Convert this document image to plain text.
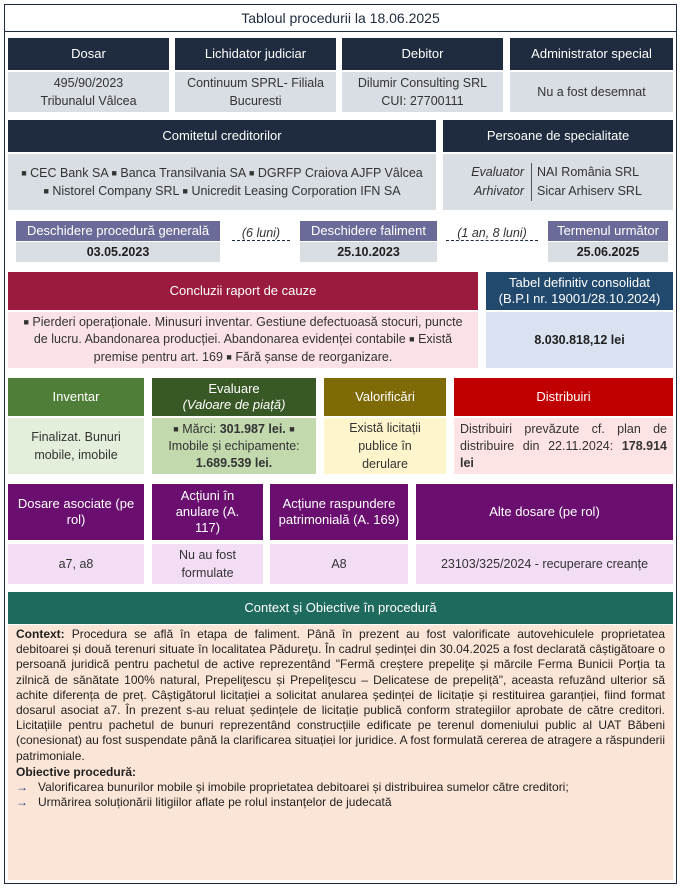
Tabloul procedurii la 18.06.2025
Dosar
495/90/2023
Tribunalul Vâlcea
Lichidator judiciar
Continuum SPRL- Filiala
Bucuresti
Debitor
Dilumir Consulting SRL
CUI: 27700111
Administrator special
Nu a fost desemnat
Comitetul creditorilor
■ CEC Bank SA ■ Banca Transilvania SA ■ DGRFP Craiova AJFP Vâlcea ■ Nistorel Company SRL ■ Unicredit Leasing Corporation IFN SA
Persoane de specialitate
Evaluator
Arhivator
NAI România SRL
Sicar Arhiserv SRL
Deschidere procedură generală
03.05.2023
(6 luni)	Deschidere faliment
25.10.2023
(1 an, 8 luni)	Termenul următor
25.06.2025
Concluzii raport de cauze
■ Pierderi operaționale. Minusuri inventar. Gestiune defectuoasă stocuri, puncte de lucru. Abandonarea producției. Abandonarea evidenței contabile ■ Există premise pentru art. 169 ■ Fără șanse de reorganizare.
Tabel definitiv consolidat
(B.P.I nr. 19001/28.10.2024)
8.030.818,12 lei
Inventar
Finalizat. Bunuri mobile, imobile
Evaluare
(Valoare de piață)
■ Mărci: 301.987 lei. ■
Imobile și echipamente:
1.689.539 lei.
Valorificări
Există licitații publice în derulare
Distribuiri
Distribuiri prevăzute cf. plan de distribuire din 22.11.2024: 178.914 lei
Dosare asociate (pe rol)
a7, a8
Acțiuni în anulare (A. 117)
Nu au fost formulate
Acțiune raspundere patrimonială (A. 169)
A8
Alte dosare (pe rol)
23103/325/2024 - recuperare creanțe
Context și Obiective în procedură

Context: Procedura se află în etapa de faliment. Până în prezent au fost valorificate autovehiculele proprietatea debitoarei și două terenuri situate în localitatea Pădureţu. În cadrul ședinței din 30.04.2025 a fost declarată câștigătoare o persoană juridică pentru pachetul de active reprezentând "Fermă creștere prepeliţe și mărcile Ferma Bunicii Porția ta zilnică de sănătate 100% natural, Prepeliţescu și Prepeliţescu – Delicatese de prepeliță", aceasta refuzând ulterior să achite diferența de preț. Câștigătorul licitației a solicitat anularea ședinței de licitație și restituirea garanției, fiind format dosarul asociat a7. În prezent s-au reluat ședințele de licitație publică conform strategiilor aprobate de către creditori. Licitațiile pentru pachetul de bunuri reprezentând construcțiile edificate pe terenul domeniului public al UAT Băbeni (conesionat) au fost suspendate până la clarificarea situației lor juridice. A fost formulată cererea de atragere a răspunderii patrimoniale.

Obiective procedură:
→ Valorificarea bunurilor mobile și imobile proprietatea debitoarei și distribuirea sumelor către creditori;
→ Urmărirea soluționării litigiilor aflate pe rolul instanțelor de judecată
